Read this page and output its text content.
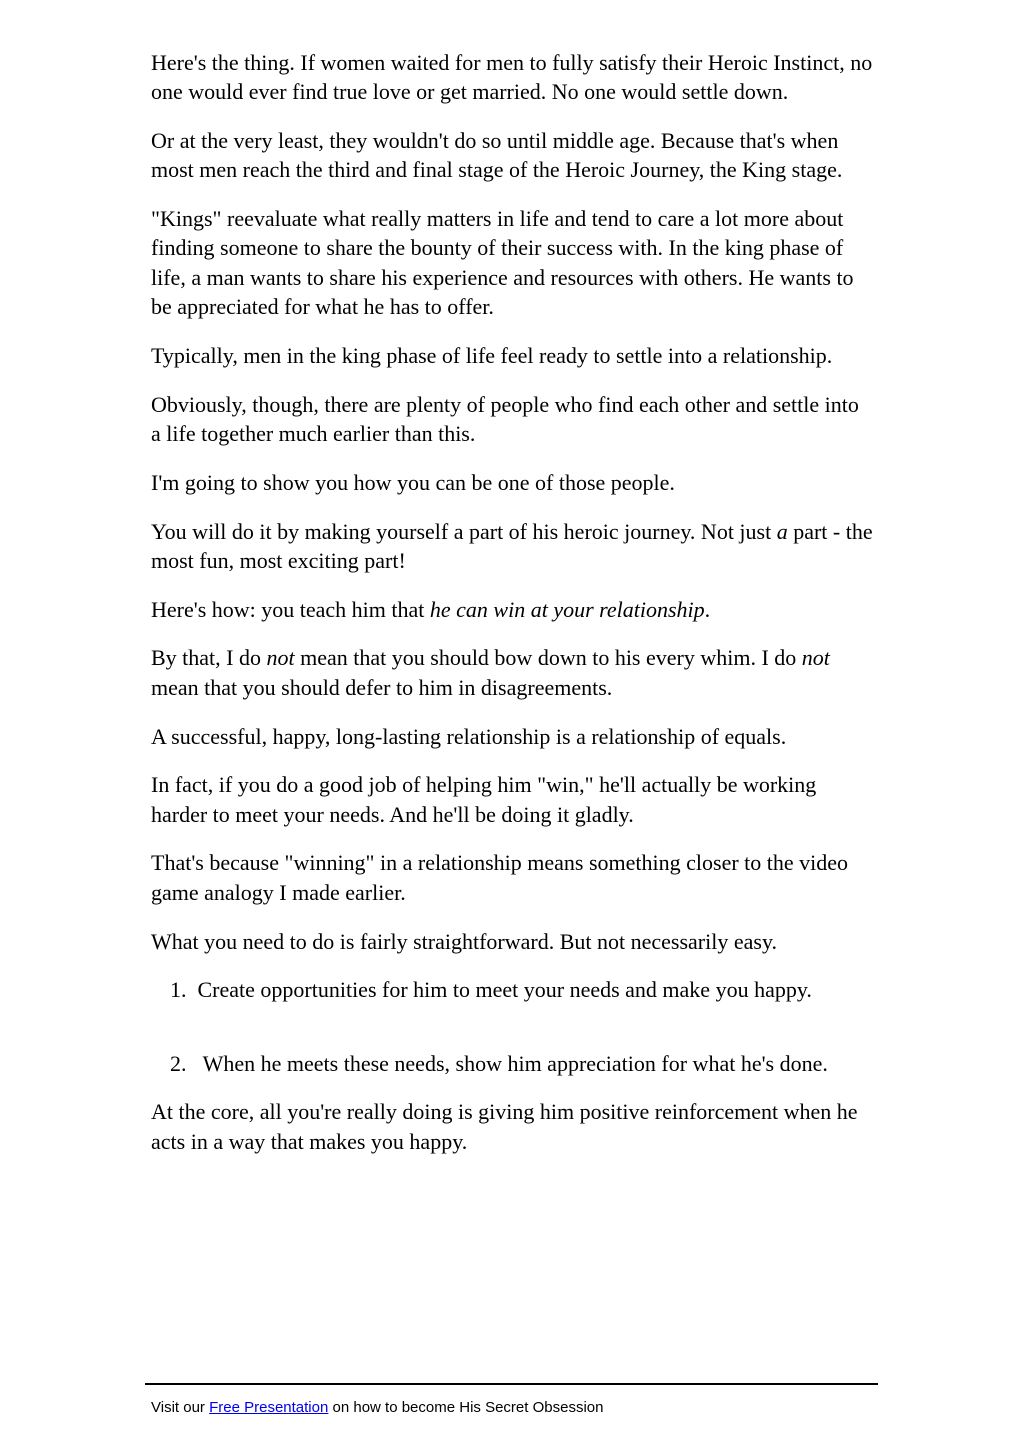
Here's the thing. If women waited for men to fully satisfy their Heroic Instinct, no one would ever find true love or get married. No one would settle down.

Or at the very least, they wouldn't do so until middle age. Because that's when most men reach the third and final stage of the Heroic Journey, the King stage.

"Kings" reevaluate what really matters in life and tend to care a lot more about finding someone to share the bounty of their success with. In the king phase of life, a man wants to share his experience and resources with others. He wants to be appreciated for what he has to offer.

Typically, men in the king phase of life feel ready to settle into a relationship.

Obviously, though, there are plenty of people who find each other and settle into a life together much earlier than this.

I'm going to show you how you can be one of those people.

You will do it by making yourself a part of his heroic journey. Not just a part - the most fun, most exciting part!

Here's how: you teach him that he can win at your relationship.

By that, I do not mean that you should bow down to his every whim. I do not mean that you should defer to him in disagreements.

A successful, happy, long-lasting relationship is a relationship of equals.

In fact, if you do a good job of helping him "win," he'll actually be working harder to meet your needs. And he'll be doing it gladly.

That's because "winning" in a relationship means something closer to the video game analogy I made earlier.

What you need to do is fairly straightforward. But not necessarily easy.

1. Create opportunities for him to meet your needs and make you happy.

2.   When he meets these needs, show him appreciation for what he's done.

At the core, all you're really doing is giving him positive reinforcement when he acts in a way that makes you happy.

Visit our Free Presentation on how to become His Secret Obsession
